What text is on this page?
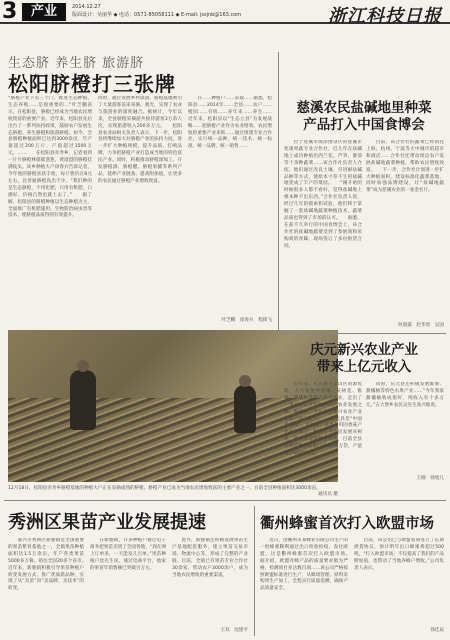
3	产业	2014.12.27
版面设计：吴丽华 ◆ 电话：0571-85058111 ◆ E-mail: jssjnb@163.com	浙江科技日报
生态脐 养生脐 旅游脐
松阳脐橙打三张牌
“脐橙产业下有三个门，推进生态种植、生态养殖……是很重要的…”叶芝鹏表示，在松阳县，脐橙已经成为当地农民增收致富的重要产业。近年来，松阳县先后出台了一系列扶持政策，鼓励农户发展生态脐橙、养生脐橙和旅游脐橙。如今，全县脐橙种植面积已达到3000余亩，年产量超过200万斤，产值超过1500万元。……　　在松阳县赤寿乡，记者看到一片片脐橙林郁郁葱葱，黄澄澄的脐橙挂满枝头。该乡种植大户徐春兵告诉记者，今年他的脐橙喜获丰收，每斤售价在8元左右，比普通脐橙高出不少。“我们种的是生态脐橙，不用化肥，只用有机肥，口感好，价格自然也就上去了。”　　据了解，松阳县的脐橙种植以生态种植为主，全面推广有机肥施用、生物防治病虫害等技术，使脐橙品质得到有效提升。
同时，通过发展乡村旅游，脐橙基地吸引了大量游客前来采摘、观光，实现了农业与旅游业的深度融合。据统计，今年以来，全县脐橙采摘游共接待游客3万余人次，实现旅游收入200多万元。　　松阳县农业局相关负责人表示，下一步，松阳县将继续加大对脐橙产业的扶持力度，进一步扩大种植规模，提升品质，打响品牌，力争把脐橙产业打造成当地的特色富民产业。同时，积极推动脐橙深加工，开发脐橙酒、脐橙醋、脐橙果脯等系列产品，延伸产业链条，提高附加值，让更多的农民通过脐橙产业增收致富。
　　在……种植户……采取……据悉，松阳县……2014年……全县……农户……橙园……有机……多年来……养生……　　近年来，松阳县以“生态立县”为发展战略……把脐橙产业作为农业增效、农民增收的重要产业来抓……通过组建专业合作社，实行统一品种、统一技术、统一标准、统一品牌、统一销售……
叶芝鹏　徐春兵　程锋飞
12月18日，松阳县赤寿乡脐橙基地的种植大户正在采摘成熟的脐橙。脐橙产业已成为当地农民增收致富的主要产业之一，目前全县种植面积达3000余亩。
通讯员 摄
慈溪农民盐碱地里种菜
产品打入中国食博会
　　位于慈溪市海涂围垦区的慈溪市兆康果蔬专业合作社，近几年在盐碱地上成功种植出西兰花、芦笋、番茄等十余种蔬菜……该合作社负责人介绍，他们通过改良土壤、引进耐盐碱品种等方式，使原本寸草不生的盐碱地变成了丰产的菜园。　　“刚开始的时候很多人都不看好，觉得盐碱地上根本种不出东西。”合作社负责人说，经过几年的摸索和试验，他们终于掌握了一套盐碱地蔬菜种植技术，蔬菜品质也得到了市场的认可。　　据悉，在前不久举行的中国食博会上，该合作社的盐碱地蔬菜受到了参展商和采购商的青睐，现场签订了多份供货合同。
　　目前，该合作社的蔬菜已经销往上海、杭州、宁波等大中城市的超市和酒店……合作社还带动周边农户发展盐碱地蔬菜种植，帮助农民增收致富。　　下一步，合作社计划进一步扩大种植面积，建设标准化蔬菜基地，同时加强品牌建设，让“盐碱地蔬菜”成为慈溪农业的一张金名片。
何晨露　赵华勇　吴国
庆元新兴农业产业
带来上亿元收入
　　近年来，庆元县立足山区资源优势，大力发展食用菌、灰树花、锥栗、甜橘柚等新兴农业产业，走出了一条具有山区特色的现代农业发展之路。据统计，今年全县新兴农业产业实现产值上亿元。　　庆元县是“中国香菇城”，近年来，该县在巩固香菇产业的基础上，积极引导农民发展灰树花、黑木耳等珍稀食用菌，目前全县灰树花种植规模已达1000万袋，产值超过5000万元。
　　同时，庆元县还积极发展锥栗、甜橘柚等特色水果产业……“今年我家甜橘柚收成很好，纯收入有十多万元。”五大堡乡农民吴先生高兴地说。
王刚　徐旭儿
秀洲区果苗产业发展提速
　　嘉兴市秀洲区新塍镇是全国重要的果苗繁育基地之一，全镇果苗种植面积达1.5万余亩，年产各类果苗5000多万株，销往全国20多个省市。　　近年来，新塍镇积极引导果苗种植户转变发展方式，推广优质新品种，实现了从“卖苗”向“卖品牌、卖技术”的转变。
　　在新塍镇，许多种植户通过电子商务把果苗卖到了全国各地。“现在网上订单多，一天能发几百单。”果苗种植户沈先生说，通过电商平台，他家的果苗年销售额已突破百万元。
　　此外，新塍镇还积极发展果苗生产基地配套服务，建立果苗交易市场、物流中心等，形成了完整的产业链。目前，全镇已有果苗专业合作社30余家，带动农户3000余户，成为当地农民增收的重要渠道。
王双　沈建平
衢州蜂蜜首次打入欧盟市场
　　近日，由衢州市某蜂业有限公司生产的一批蜂蜜顺利通过出口检验检疫，发往欧盟，这是衢州蜂蜜首次打入欧盟市场。　　据介绍，欧盟对蜂产品的质量要求极为严格，检测项目多达数百项……该公司严格按照欧盟标准进行生产，从蜂场管理、原料采购到生产加工，全程实行质量追溯，确保产品质量安全。
　　目前，该公司已与欧盟客商签订了长期供货协议，预计明年出口蜂蜜将超过500吨。“打入欧盟市场，不仅提高了我们的产品附加值，也带动了当地养蜂户增收。”公司负责人表示。
徐佳辰
